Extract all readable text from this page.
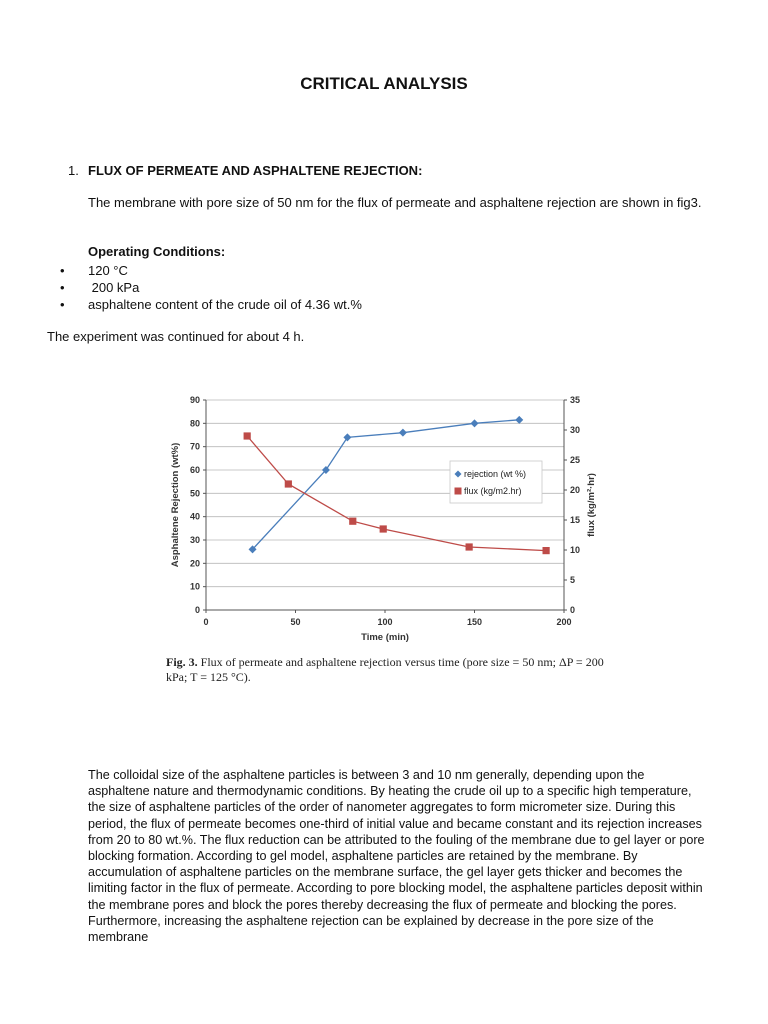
CRITICAL ANALYSIS
1. FLUX OF PERMEATE AND ASPHALTENE REJECTION:
The membrane with pore size of 50 nm for the flux of permeate and asphaltene rejection are shown in fig3.
Operating Conditions:
• 120 °C
• 200 kPa
• asphaltene content of the crude oil of 4.36 wt.%
The experiment was continued for about 4 h.
0
10
20
30
40
50
60
70
80
90
0
5
10
15
20
25
30
35
0	50	100	150	200
Time (min)
Asphaltene Rejection (wt%)	flux (kg/m²·hr)
rejection (wt %)
flux (kg/m2.hr)
Fig. 3. Flux of permeate and asphaltene rejection versus time (pore size = 50 nm; ΔP = 200 kPa; T = 125 °C).
The colloidal size of the asphaltene particles is between 3 and 10 nm generally, depending upon the asphaltene nature and thermodynamic conditions. By heating the crude oil up to a specific high temperature, the size of asphaltene particles of the order of nanometer aggregates to form micrometer size. During this period, the flux of permeate becomes one-third of initial value and became constant and its rejection increases from 20 to 80 wt.%. The flux reduction can be attributed to the fouling of the membrane due to gel layer or pore blocking formation. According to gel model, asphaltene particles are retained by the membrane. By accumulation of asphaltene particles on the membrane surface, the gel layer gets thicker and becomes the limiting factor in the flux of permeate. According to pore blocking model, the asphaltene particles deposit within the membrane pores and block the pores thereby decreasing the flux of permeate and blocking the pores. Furthermore, increasing the asphaltene rejection can be explained by decrease in the pore size of the membrane
